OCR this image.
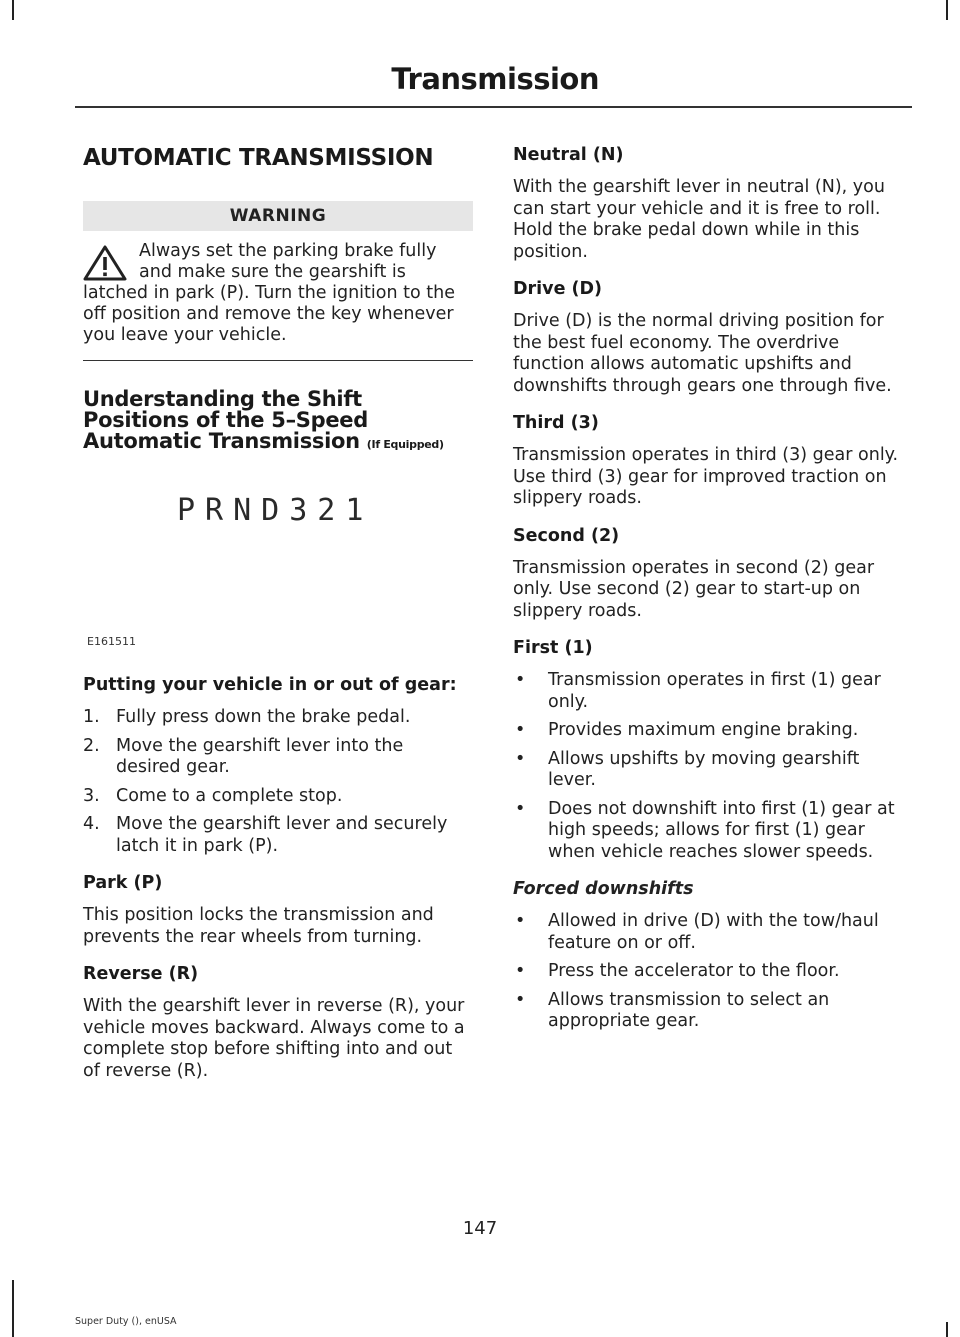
Transmission
AUTOMATIC TRANSMISSION
WARNING
Always set the parking brake fully and make sure the gearshift is latched in park (P). Turn the ignition to the off position and remove the key whenever you leave your vehicle.
Understanding the Shift Positions of the 5–Speed Automatic Transmission (If Equipped)
PRND321
E161511
Putting your vehicle in or out of gear:
1. Fully press down the brake pedal.
2. Move the gearshift lever into the desired gear.
3. Come to a complete stop.
4. Move the gearshift lever and securely latch it in park (P).
Park (P)

This position locks the transmission and prevents the rear wheels from turning.

Reverse (R)

With the gearshift lever in reverse (R), your vehicle moves backward. Always come to a complete stop before shifting into and out of reverse (R).

Neutral (N)

With the gearshift lever in neutral (N), you can start your vehicle and it is free to roll. Hold the brake pedal down while in this position.

Drive (D)

Drive (D) is the normal driving position for the best fuel economy. The overdrive function allows automatic upshifts and downshifts through gears one through five.

Third (3)

Transmission operates in third (3) gear only. Use third (3) gear for improved traction on slippery roads.

Second (2)

Transmission operates in second (2) gear only. Use second (2) gear to start-up on slippery roads.

First (1)
• Transmission operates in first (1) gear only.
• Provides maximum engine braking.
• Allows upshifts by moving gearshift lever.
• Does not downshift into first (1) gear at high speeds; allows for first (1) gear when vehicle reaches slower speeds.
Forced downshifts
• Allowed in drive (D) with the tow/haul feature on or off.
• Press the accelerator to the floor.
• Allows transmission to select an appropriate gear.
147
Super Duty (), enUSA
